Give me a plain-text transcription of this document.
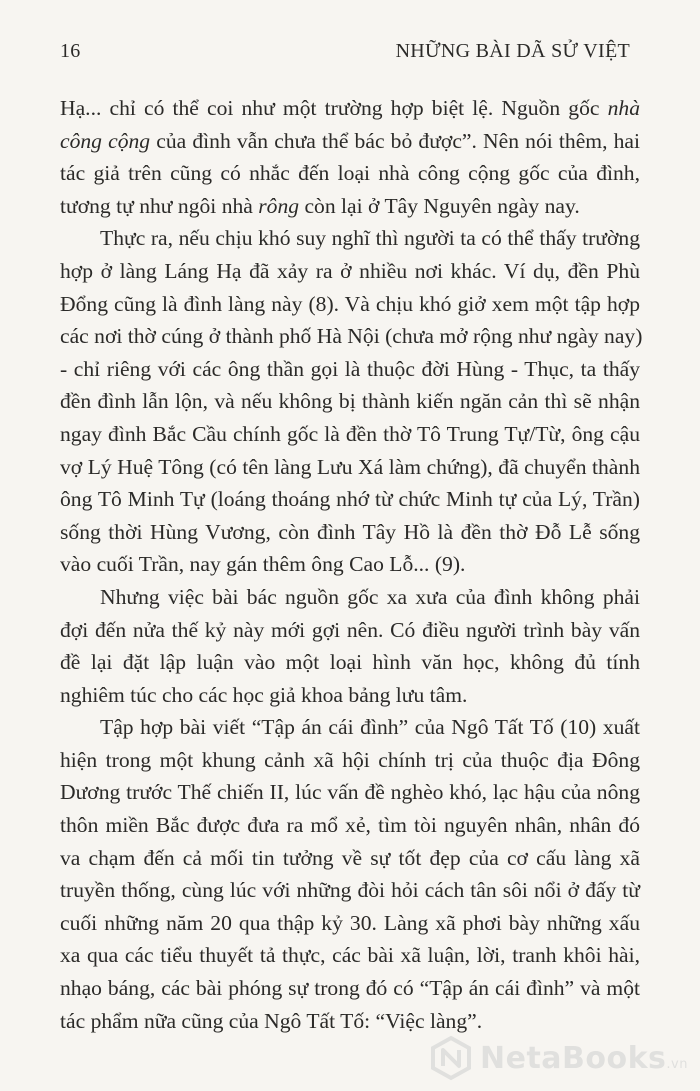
16	NHỮNG BÀI DÃ SỬ VIỆT
Hạ... chỉ có thể coi như một trường hợp biệt lệ. Nguồn gốc nhà
công cộng của đình vẫn chưa thể bác bỏ được”. Nên nói thêm, hai
tác giả trên cũng có nhắc đến loại nhà công cộng gốc của đình,
tương tự như ngôi nhà rông còn lại ở Tây Nguyên ngày nay.
Thực ra, nếu chịu khó suy nghĩ thì người ta có thể thấy trường
hợp ở làng Láng Hạ đã xảy ra ở nhiều nơi khác. Ví dụ, đền Phù
Đổng cũng là đình làng này (8). Và chịu khó giở xem một tập hợp
các nơi thờ cúng ở thành phố Hà Nội (chưa mở rộng như ngày nay)
- chỉ riêng với các ông thần gọi là thuộc đời Hùng - Thục, ta thấy
đền đình lẫn lộn, và nếu không bị thành kiến ngăn cản thì sẽ nhận
ngay đình Bắc Cầu chính gốc là đền thờ Tô Trung Tự/Từ, ông cậu
vợ Lý Huệ Tông (có tên làng Lưu Xá làm chứng), đã chuyển thành
ông Tô Minh Tự (loáng thoáng nhớ từ chức Minh tự của Lý, Trần)
sống thời Hùng Vương, còn đình Tây Hồ là đền thờ Đỗ Lễ sống
vào cuối Trần, nay gán thêm ông Cao Lỗ... (9).
Nhưng việc bài bác nguồn gốc xa xưa của đình không phải
đợi đến nửa thế kỷ này mới gợi nên. Có điều người trình bày vấn
đề lại đặt lập luận vào một loại hình văn học, không đủ tính
nghiêm túc cho các học giả khoa bảng lưu tâm.
Tập hợp bài viết “Tập án cái đình” của Ngô Tất Tố (10) xuất
hiện trong một khung cảnh xã hội chính trị của thuộc địa Đông
Dương trước Thế chiến II, lúc vấn đề nghèo khó, lạc hậu của nông
thôn miền Bắc được đưa ra mổ xẻ, tìm tòi nguyên nhân, nhân đó
va chạm đến cả mối tin tưởng về sự tốt đẹp của cơ cấu làng xã
truyền thống, cùng lúc với những đòi hỏi cách tân sôi nổi ở đấy từ
cuối những năm 20 qua thập kỷ 30. Làng xã phơi bày những xấu
xa qua các tiểu thuyết tả thực, các bài xã luận, lời, tranh khôi hài,
nhạo báng, các bài phóng sự trong đó có “Tập án cái đình” và một
tác phẩm nữa cũng của Ngô Tất Tố: “Việc làng”.
NetaBooks.vn
